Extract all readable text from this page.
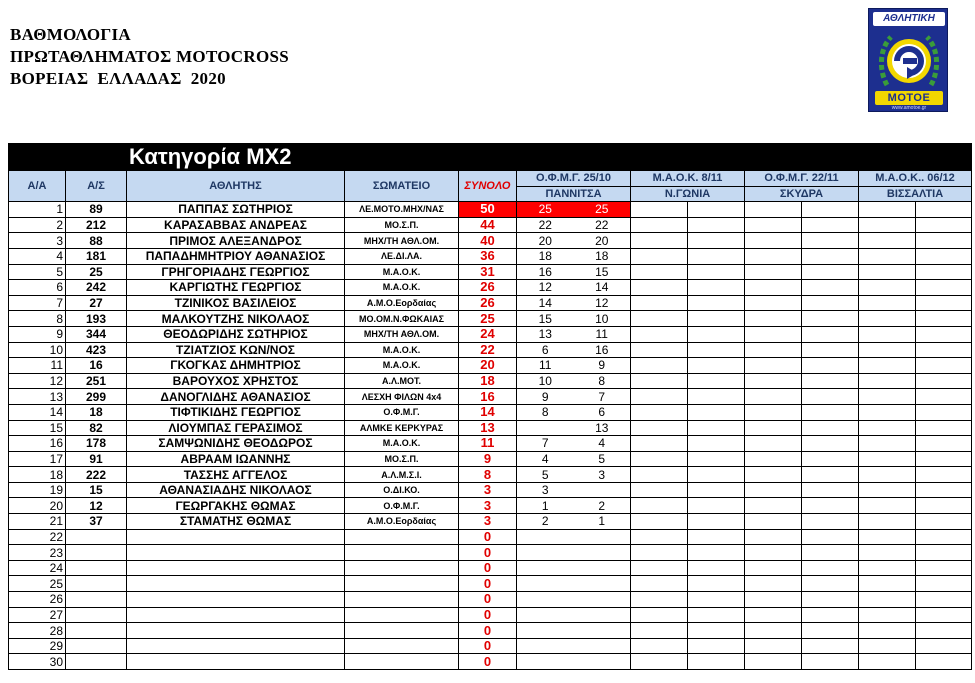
ΒΑΘΜΟΛΟΓΙΑ
ΠΡΩΤΑΘΛΗΜΑΤΟΣ MOTOCROSS
ΒΟΡΕΙΑΣ  ΕΛΛΑΔΑΣ  2020
ΑΘΛΗΤΙΚΗ
MOTOE
www.amotoe.gr
Κατηγορία MX2												
Α/Α	Α/Σ	ΑΘΛΗΤΗΣ	ΣΩΜΑΤΕΙΟ	ΣΥΝΟΛΟ	Ο.Φ.Μ.Γ. 25/10		Μ.Α.Ο.Κ. 8/11		Ο.Φ.Μ.Γ. 22/11		Μ.Α.Ο.Κ.. 06/12	
					ΠΑΝΝΙΤΣΑ		Ν.ΓΩΝΙΑ		ΣΚΥΔΡΑ		ΒΙΣΣΑΛΤΙΑ	
1	89	ΠΑΠΠΑΣ ΣΩΤΗΡΙΟΣ	ΛΕ.ΜΟΤΟ.ΜΗΧ/ΝΑΣ	50	25	25						
2	212	ΚΑΡΑΣΑΒΒΑΣ ΑΝΔΡΕΑΣ	ΜΟ.Σ.Π.	44	22	22						
3	88	ΠΡΙΜΟΣ ΑΛΕΞΑΝΔΡΟΣ	ΜΗΧ/ΤΗ ΑΘΛ.ΟΜ.	40	20	20						
4	181	ΠΑΠΑΔΗΜΗΤΡΙΟΥ ΑΘΑΝΑΣΙΟΣ	ΛΕ.ΔΙ.ΛΑ.	36	18	18						
5	25	ΓΡΗΓΟΡΙΑΔΗΣ ΓΕΩΡΓΙΟΣ	Μ.Α.Ο.Κ.	31	16	15						
6	242	ΚΑΡΓΙΩΤΗΣ ΓΕΩΡΓΙΟΣ	Μ.Α.Ο.Κ.	26	12	14						
7	27	ΤΖΙΝΙΚΟΣ ΒΑΣΙΛΕΙΟΣ	Α.Μ.Ο.Εορδαίας	26	14	12						
8	193	ΜΑΛΚΟΥΤΖΗΣ ΝΙΚΟΛΑΟΣ	ΜΟ.ΟΜ.Ν.ΦΩΚΑΙΑΣ	25	15	10						
9	344	ΘΕΟΔΩΡΙΔΗΣ ΣΩΤΗΡΙΟΣ	ΜΗΧ/ΤΗ ΑΘΛ.ΟΜ.	24	13	11						
10	423	ΤΖΙΑΤΖΙΟΣ ΚΩΝ/ΝΟΣ	Μ.Α.Ο.Κ.	22	6	16						
11	16	ΓΚΟΓΚΑΣ ΔΗΜΗΤΡΙΟΣ	Μ.Α.Ο.Κ.	20	11	9						
12	251	ΒΑΡΟΥΧΟΣ ΧΡΗΣΤΟΣ	Α.Λ.ΜΟΤ.	18	10	8						
13	299	ΔΑΝΟΓΛΙΔΗΣ ΑΘΑΝΑΣΙΟΣ	ΛΕΣΧΗ ΦΙΛΩΝ 4x4	16	9	7						
14	18	ΤΙΦΤΙΚΙΔΗΣ ΓΕΩΡΓΙΟΣ	Ο.Φ.Μ.Γ.	14	8	6						
15	82	ΛΙΟΥΜΠΑΣ ΓΕΡΑΣΙΜΟΣ	ΑΛΜΚΕ ΚΕΡΚΥΡΑΣ	13		13						
16	178	ΣΑΜΨΩΝΙΔΗΣ ΘΕΟΔΩΡΟΣ	Μ.Α.Ο.Κ.	11	7	4						
17	91	ΑΒΡΑΑΜ ΙΩΑΝΝΗΣ	ΜΟ.Σ.Π.	9	4	5						
18	222	ΤΑΣΣΗΣ ΑΓΓΕΛΟΣ	Α.Λ.Μ.Σ.Ι.	8	5	3						
19	15	ΑΘΑΝΑΣΙΑΔΗΣ ΝΙΚΟΛΑΟΣ	Ο.ΔΙ.ΚΟ.	3	3							
20	12	ΓΕΩΡΓΑΚΗΣ ΘΩΜΑΣ	Ο.Φ.Μ.Γ.	3	1	2						
21	37	ΣΤΑΜΑΤΗΣ ΘΩΜΑΣ	Α.Μ.Ο.Εορδαίας	3	2	1						
22				0								
23				0								
24				0								
25				0								
26				0								
27				0								
28				0								
29				0								
30				0								
